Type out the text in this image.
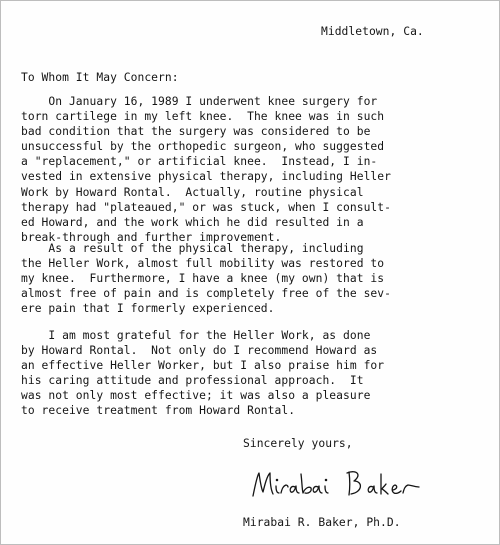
Middletown, Ca.
To Whom It May Concern:
On January 16, 1989 I underwent knee surgery for
torn cartilege in my left knee.  The knee was in such
bad condition that the surgery was considered to be
unsuccessful by the orthopedic surgeon, who suggested
a "replacement," or artificial knee.  Instead, I in-
vested in extensive physical therapy, including Heller
Work by Howard Rontal.  Actually, routine physical
therapy had "plateaued," or was stuck, when I consult-
ed Howard, and the work which he did resulted in a
break-through and further improvement.
As a result of the physical therapy, including
the Heller Work, almost full mobility was restored to
my knee.  Furthermore, I have a knee (my own) that is
almost free of pain and is completely free of the sev-
ere pain that I formerly experienced.
I am most grateful for the Heller Work, as done
by Howard Rontal.  Not only do I recommend Howard as
an effective Heller Worker, but I also praise him for
his caring attitude and professional approach.  It
was not only most effective; it was also a pleasure
to receive treatment from Howard Rontal.
Sincerely yours,
Mirabai R. Baker, Ph.D.
